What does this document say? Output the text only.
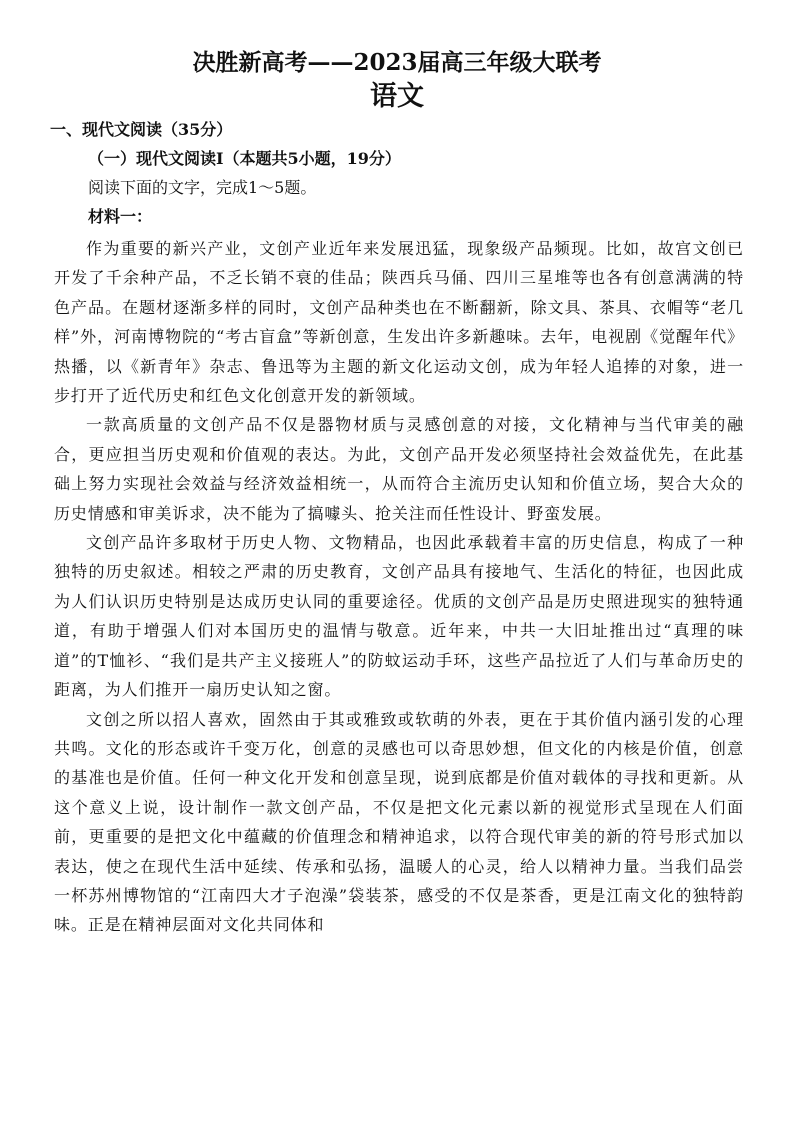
决胜新高考——2023届高三年级大联考
语文
一、现代文阅读（35分）
（一）现代文阅读I（本题共5小题，19分）
阅读下面的文字，完成1～5题。
材料一：

作为重要的新兴产业，文创产业近年来发展迅猛，现象级产品频现。比如，故宫文创已开发了千余种产品，不乏长销不衰的佳品；陕西兵马俑、四川三星堆等也各有创意满满的特色产品。在题材逐渐多样的同时，文创产品种类也在不断翻新，除文具、茶具、衣帽等“老几样”外，河南博物院的“考古盲盒”等新创意，生发出许多新趣味。去年，电视剧《觉醒年代》热播，以《新青年》杂志、鲁迅等为主题的新文化运动文创，成为年轻人追捧的对象，进一步打开了近代历史和红色文化创意开发的新领域。

一款高质量的文创产品不仅是器物材质与灵感创意的对接，文化精神与当代审美的融合，更应担当历史观和价值观的表达。为此，文创产品开发必须坚持社会效益优先，在此基础上努力实现社会效益与经济效益相统一，从而符合主流历史认知和价值立场，契合大众的历史情感和审美诉求，决不能为了搞噱头、抢关注而任性设计、野蛮发展。

文创产品许多取材于历史人物、文物精品，也因此承载着丰富的历史信息，构成了一种独特的历史叙述。相较之严肃的历史教育，文创产品具有接地气、生活化的特征，也因此成为人们认识历史特别是达成历史认同的重要途径。优质的文创产品是历史照进现实的独特通道，有助于增强人们对本国历史的温情与敬意。近年来，中共一大旧址推出过“真理的味道”的T恤衫、“我们是共产主义接班人”的防蚊运动手环，这些产品拉近了人们与革命历史的距离，为人们推开一扇历史认知之窗。

文创之所以招人喜欢，固然由于其或雅致或软萌的外表，更在于其价值内涵引发的心理共鸣。文化的形态或许千变万化，创意的灵感也可以奇思妙想，但文化的内核是价值，创意的基准也是价值。任何一种文化开发和创意呈现，说到底都是价值对载体的寻找和更新。从这个意义上说，设计制作一款文创产品，不仅是把文化元素以新的视觉形式呈现在人们面前，更重要的是把文化中蕴藏的价值理念和精神追求，以符合现代审美的新的符号形式加以表达，使之在现代生活中延续、传承和弘扬，温暖人的心灵，给人以精神力量。当我们品尝一杯苏州博物馆的“江南四大才子泡澡”袋装茶，感受的不仅是茶香，更是江南文化的独特韵味。正是在精神层面对文化共同体和
